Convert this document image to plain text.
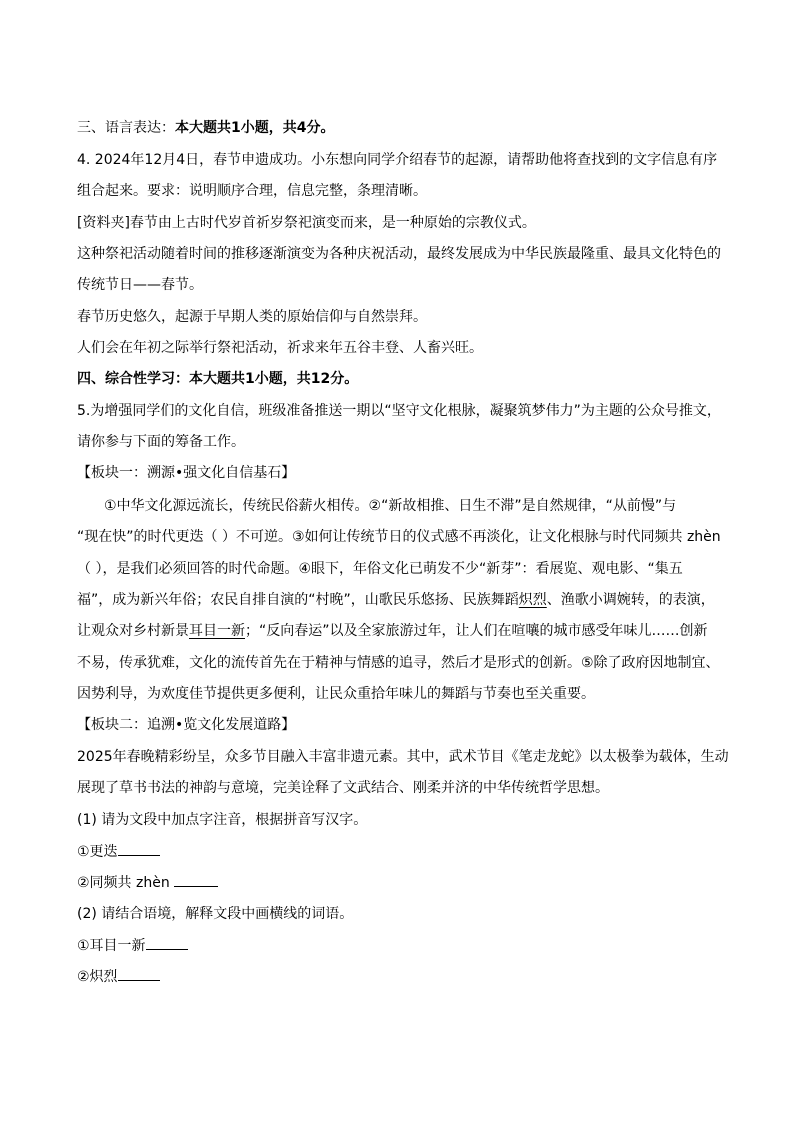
三、语言表达：本大题共1小题，共4分。
4. 2024年12月4日，春节申遗成功。小东想向同学介绍春节的起源，请帮助他将查找到的文字信息有序
组合起来。要求：说明顺序合理，信息完整，条理清晰。
[资料夹]春节由上古时代岁首祈岁祭祀演变而来，是一种原始的宗教仪式。
这种祭祀活动随着时间的推移逐渐演变为各种庆祝活动，最终发展成为中华民族最隆重、最具文化特色的
传统节日——春节。
春节历史悠久，起源于早期人类的原始信仰与自然崇拜。
人们会在年初之际举行祭祀活动，祈求来年五谷丰登、人畜兴旺。
四、综合性学习：本大题共1小题，共12分。
5.为增强同学们的文化自信，班级准备推送一期以“坚守文化根脉，凝聚筑梦伟力”为主题的公众号推文，
请你参与下面的筹备工作。
【板块一：溯源•强文化自信基石】
①中华文化源远流长，传统民俗薪火相传。②“新故相推、日生不滞”是自然规律，“从前慢”与
“现在快”的时代更迭（ ）不可逆。③如何让传统节日的仪式感不再淡化，让文化根脉与时代同频共 zhèn
（ ），是我们必须回答的时代命题。④眼下，年俗文化已萌发不少“新芽”：看展览、观电影、“集五
福”，成为新兴年俗；农民自排自演的“村晚”，山歌民乐悠扬、民族舞蹈炽烈、渔歌小调婉转，的表演，
让观众对乡村新景耳目一新；“反向春运”以及全家旅游过年，让人们在喧嚷的城市感受年味儿……创新
不易，传承犹难，文化的流传首先在于精神与情感的追寻，然后才是形式的创新。⑤除了政府因地制宜、
因势利导，为欢度佳节提供更多便利，让民众重拾年味儿的舞蹈与节奏也至关重要。
【板块二：追溯•览文化发展道路】
2025年春晚精彩纷呈，众多节目融入丰富非遗元素。其中，武术节目《笔走龙蛇》以太极拳为载体，生动
展现了草书书法的神韵与意境，完美诠释了文武结合、刚柔并济的中华传统哲学思想。
(1) 请为文段中加点字注音，根据拼音写汉字。
①更迭
②同频共 zhèn
(2) 请结合语境，解释文段中画横线的词语。
①耳目一新
②炽烈
